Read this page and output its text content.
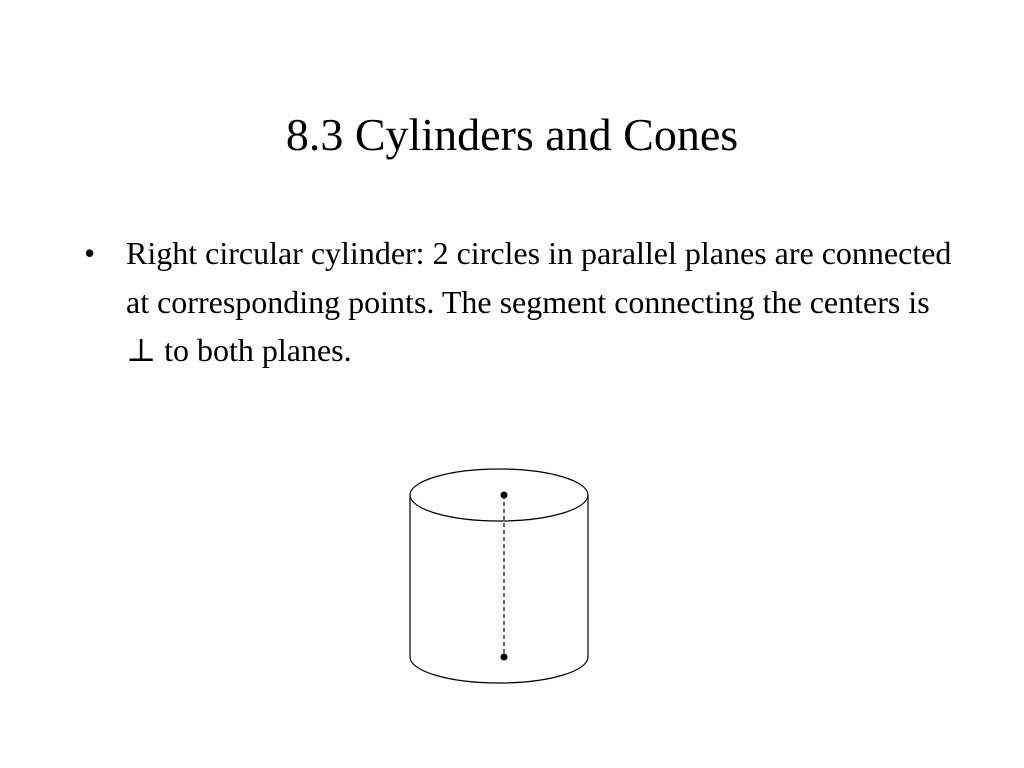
8.3 Cylinders and Cones
• Right circular cylinder: 2 circles in parallel planes are connected at corresponding points. The segment connecting the centers is ⊥ to both planes.
